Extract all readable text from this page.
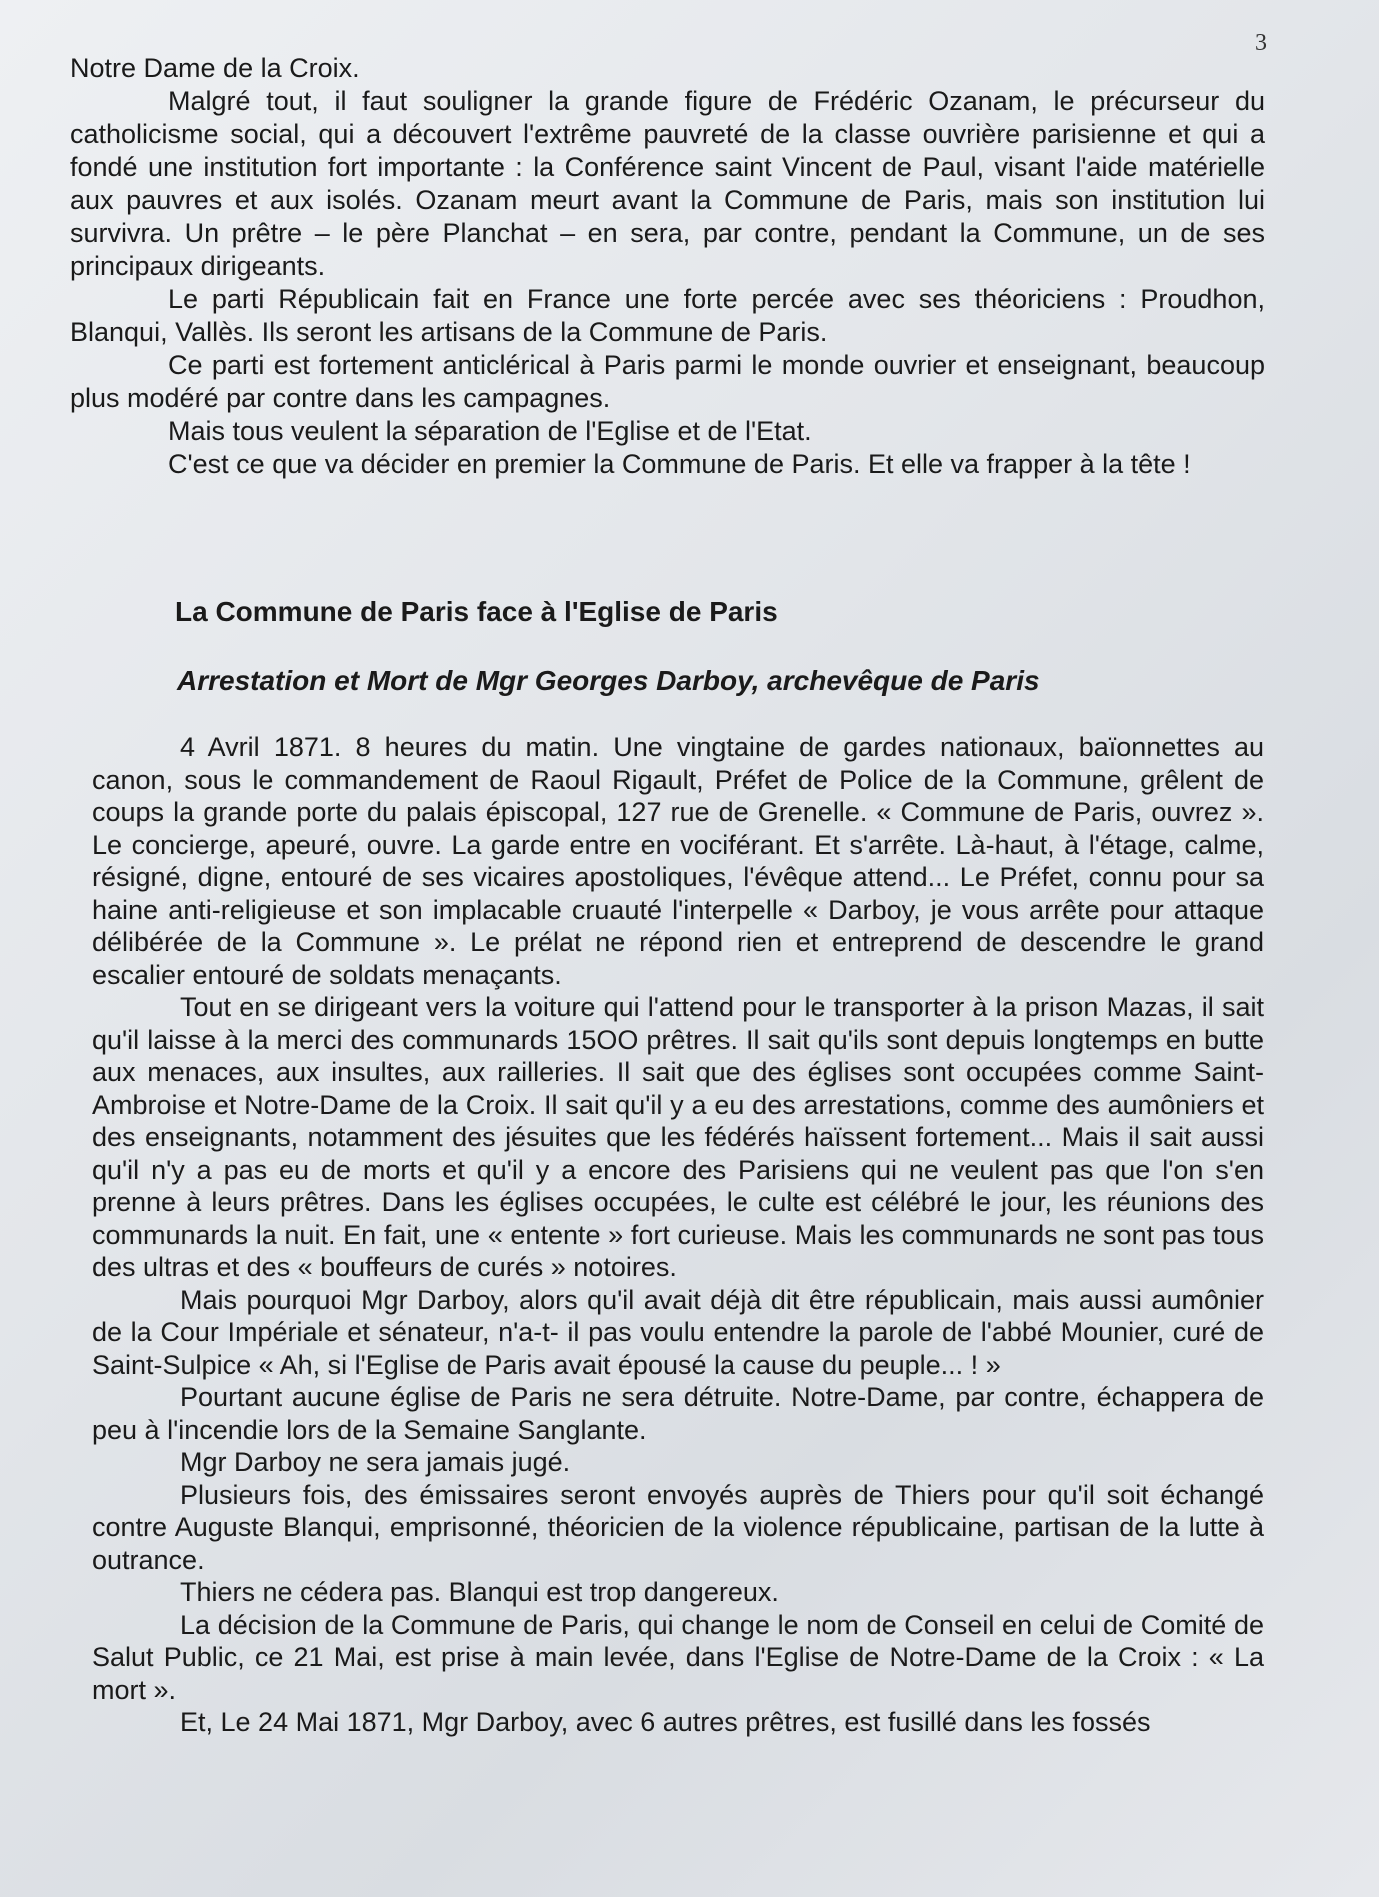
3

Notre Dame de la Croix.

Malgré tout, il faut souligner la grande figure de Frédéric Ozanam, le précurseur du catholicisme social, qui a découvert l'extrême pauvreté de la classe ouvrière parisienne et qui a fondé une institution fort importante : la Conférence saint Vincent de Paul, visant l'aide matérielle aux pauvres et aux isolés. Ozanam meurt avant la Commune de Paris, mais son institution lui survivra. Un prêtre – le père Planchat – en sera, par contre, pendant la Commune, un de ses principaux dirigeants.

Le parti Républicain fait en France une forte percée avec ses théoriciens : Proudhon, Blanqui, Vallès. Ils seront les artisans de la Commune de Paris.

Ce parti est fortement anticlérical à Paris parmi le monde ouvrier et enseignant, beaucoup plus modéré par contre dans les campagnes.

Mais tous veulent la séparation de l'Eglise et de l'Etat.

C'est ce que va décider en premier la Commune de Paris. Et elle va frapper à la tête !

La Commune de Paris face à l'Eglise de Paris
Arrestation et Mort de Mgr Georges Darboy, archevêque de Paris

4 Avril 1871. 8 heures du matin. Une vingtaine de gardes nationaux, baïonnettes au canon, sous le commandement de Raoul Rigault, Préfet de Police de la Commune, grêlent de coups la grande porte du palais épiscopal, 127 rue de Grenelle. « Commune de Paris, ouvrez ». Le concierge, apeuré, ouvre. La garde entre en vociférant. Et s'arrête. Là-haut, à l'étage, calme, résigné, digne, entouré de ses vicaires apostoliques, l'évêque attend... Le Préfet, connu pour sa haine anti-religieuse et son implacable cruauté l'interpelle « Darboy, je vous arrête pour attaque délibérée de la Commune ». Le prélat ne répond rien et entreprend de descendre le grand escalier entouré de soldats menaçants.

Tout en se dirigeant vers la voiture qui l'attend pour le transporter à la prison Mazas, il sait qu'il laisse à la merci des communards 15OO prêtres. Il sait qu'ils sont depuis longtemps en butte aux menaces, aux insultes, aux railleries. Il sait que des églises sont occupées comme Saint-Ambroise et Notre-Dame de la Croix. Il sait qu'il y a eu des arrestations, comme des aumôniers et des enseignants, notamment des jésuites que les fédérés haïssent fortement... Mais il sait aussi qu'il n'y a pas eu de morts et qu'il y a encore des Parisiens qui ne veulent pas que l'on s'en prenne à leurs prêtres. Dans les églises occupées, le culte est célébré le jour, les réunions des communards la nuit. En fait, une « entente » fort curieuse. Mais les communards ne sont pas tous des ultras et des « bouffeurs de curés » notoires.

Mais pourquoi Mgr Darboy, alors qu'il avait déjà dit être républicain, mais aussi aumônier de la Cour Impériale et sénateur, n'a-t- il pas voulu entendre la parole de l'abbé Mounier, curé de Saint-Sulpice « Ah, si l'Eglise de Paris avait épousé la cause du peuple... ! »

Pourtant aucune église de Paris ne sera détruite. Notre-Dame, par contre, échappera de peu à l'incendie lors de la Semaine Sanglante.

Mgr Darboy ne sera jamais jugé.

Plusieurs fois, des émissaires seront envoyés auprès de Thiers pour qu'il soit échangé contre Auguste Blanqui, emprisonné, théoricien de la violence républicaine, partisan de la lutte à outrance.

Thiers ne cédera pas. Blanqui est trop dangereux.

La décision de la Commune de Paris, qui change le nom de Conseil en celui de Comité de Salut Public, ce 21 Mai, est prise à main levée, dans l'Eglise de Notre-Dame de la Croix : « La mort ».

Et, Le 24 Mai 1871, Mgr Darboy, avec 6 autres prêtres, est fusillé dans les fossés
